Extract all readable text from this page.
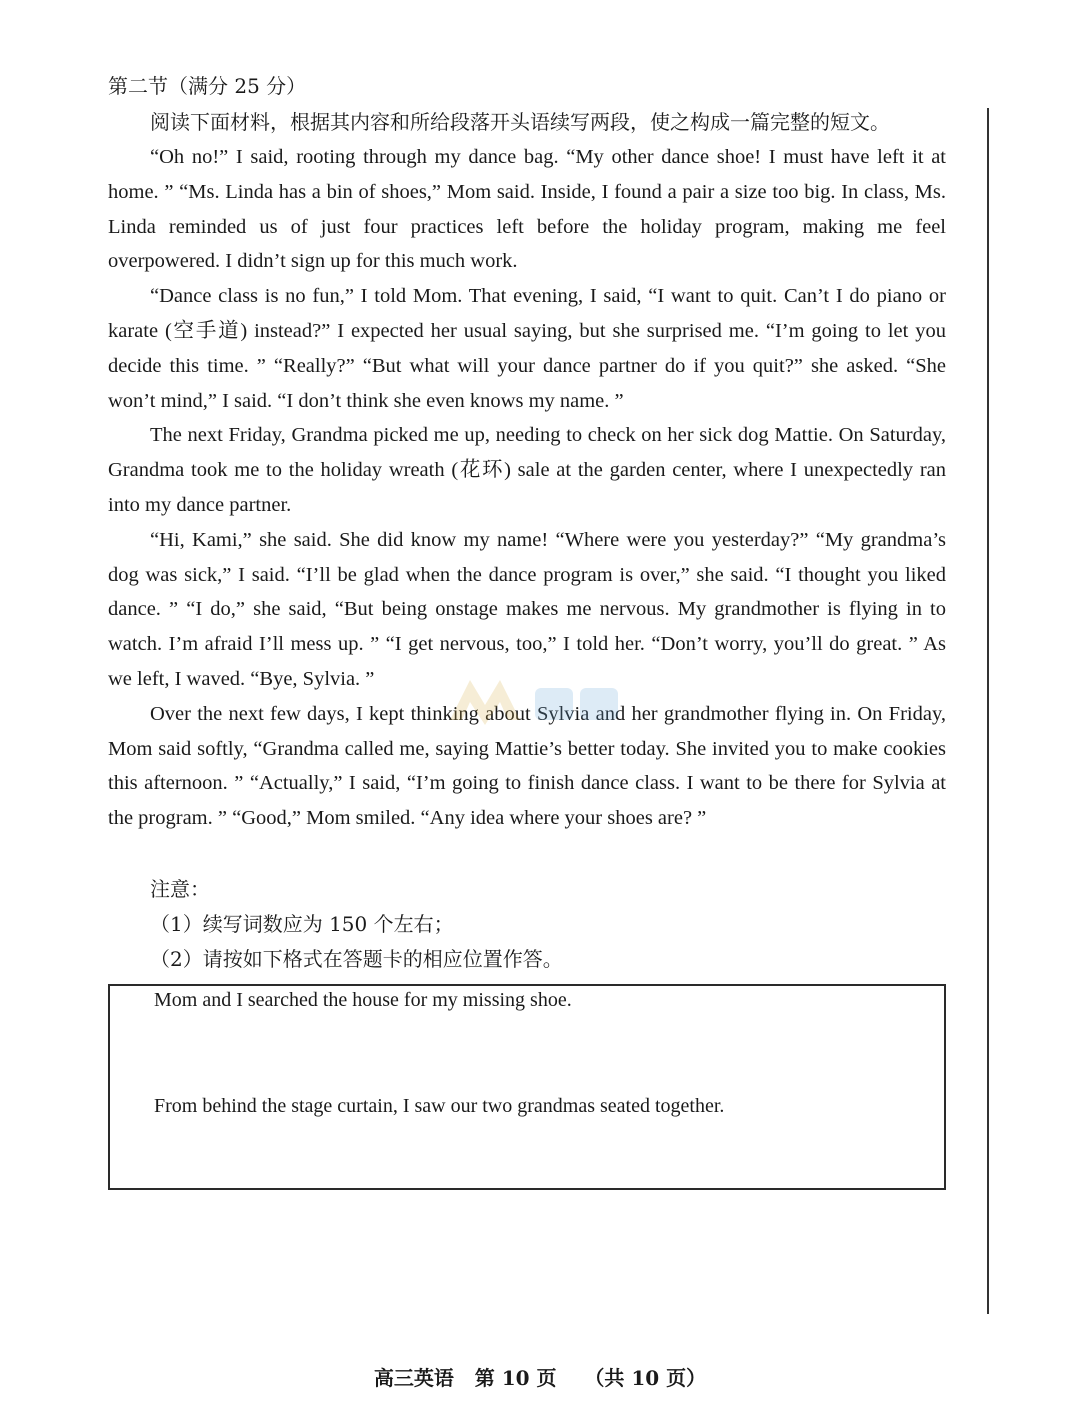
第二节（满分 25 分）
阅读下面材料，根据其内容和所给段落开头语续写两段，使之构成一篇完整的短文。

“Oh no!” I said, rooting through my dance bag. “My other dance shoe! I must have left it at home. ” “Ms. Linda has a bin of shoes,” Mom said. Inside, I found a pair a size too big. In class, Ms. Linda reminded us of just four practices left before the holiday program, making me feel overpowered. I didn’t sign up for this much work.

“Dance class is no fun,” I told Mom. That evening, I said, “I want to quit. Can’t I do piano or karate (空手道) instead?” I expected her usual saying, but she surprised me. “I’m going to let you decide this time. ” “Really?” “But what will your dance partner do if you quit?” she asked. “She won’t mind,” I said. “I don’t think she even knows my name. ”

The next Friday, Grandma picked me up, needing to check on her sick dog Mattie. On Saturday, Grandma took me to the holiday wreath (花环) sale at the garden center, where I unexpectedly ran into my dance partner.

“Hi, Kami,” she said. She did know my name! “Where were you yesterday?” “My grandma’s dog was sick,” I said. “I’ll be glad when the dance program is over,” she said. “I thought you liked dance. ” “I do,” she said, “But being onstage makes me nervous. My grandmother is flying in to watch. I’m afraid I’ll mess up. ” “I get nervous, too,” I told her. “Don’t worry, you’ll do great. ” As we left, I waved. “Bye, Sylvia. ”

Over the next few days, I kept thinking about Sylvia and her grandmother flying in. On Friday, Mom said softly, “Grandma called me, saying Mattie’s better today. She invited you to make cookies this afternoon. ” “Actually,” I said, “I’m going to finish dance class. I want to be there for Sylvia at the program. ” “Good,” Mom smiled. “Any idea where your shoes are? ”

注意：
（1）续写词数应为 150 个左右；
（2）请按如下格式在答题卡的相应位置作答。
Mom and I searched the house for my missing shoe.
From behind the stage curtain, I saw our two grandmas seated together.
高三英语   第 10 页    （共 10 页）
